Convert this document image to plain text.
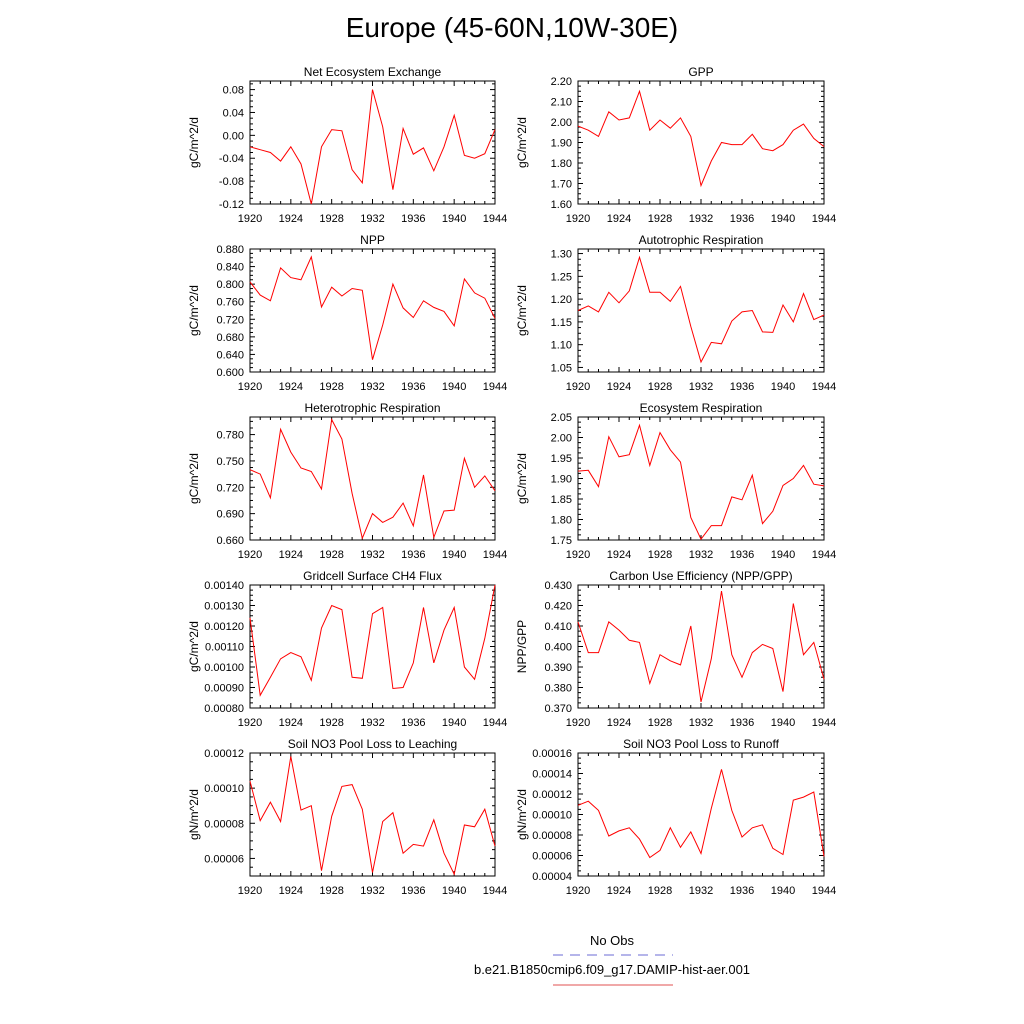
Europe (45-60N,10W-30E)
Net Ecosystem Exchange
gC/m^2/d
1920 1924 1928 1932 1936 1940 1944
-0.12
-0.08
-0.04
0.00
0.04
0.08
GPP
gC/m^2/d
1920 1924 1928 1932 1936 1940 1944
1.60
1.70
1.80
1.90
2.00
2.10
2.20
NPP
gC/m^2/d
1920 1924 1928 1932 1936 1940 1944
0.600
0.640
0.680
0.720
0.760
0.800
0.840
0.880
Autotrophic Respiration
gC/m^2/d
1920 1924 1928 1932 1936 1940 1944
1.05
1.10
1.15
1.20
1.25
1.30
Heterotrophic Respiration
gC/m^2/d
1920 1924 1928 1932 1936 1940 1944
0.660
0.690
0.720
0.750
0.780
Ecosystem Respiration
gC/m^2/d
1920 1924 1928 1932 1936 1940 1944
1.75
1.80
1.85
1.90
1.95
2.00
2.05
Gridcell Surface CH4 Flux
gC/m^2/d
1920 1924 1928 1932 1936 1940 1944
0.00080
0.00090
0.00100
0.00110
0.00120
0.00130
0.00140
Carbon Use Efficiency (NPP/GPP)
NPP/GPP
1920 1924 1928 1932 1936 1940 1944
0.370
0.380
0.390
0.400
0.410
0.420
0.430
Soil NO3 Pool Loss to Leaching
gN/m^2/d
1920 1924 1928 1932 1936 1940 1944
0.00006
0.00008
0.00010
0.00012
Soil NO3 Pool Loss to Runoff
gN/m^2/d
1920 1924 1928 1932 1936 1940 1944
0.00004
0.00006
0.00008
0.00010
0.00012
0.00014
0.00016
No Obs
b.e21.B1850cmip6.f09_g17.DAMIP-hist-aer.001
